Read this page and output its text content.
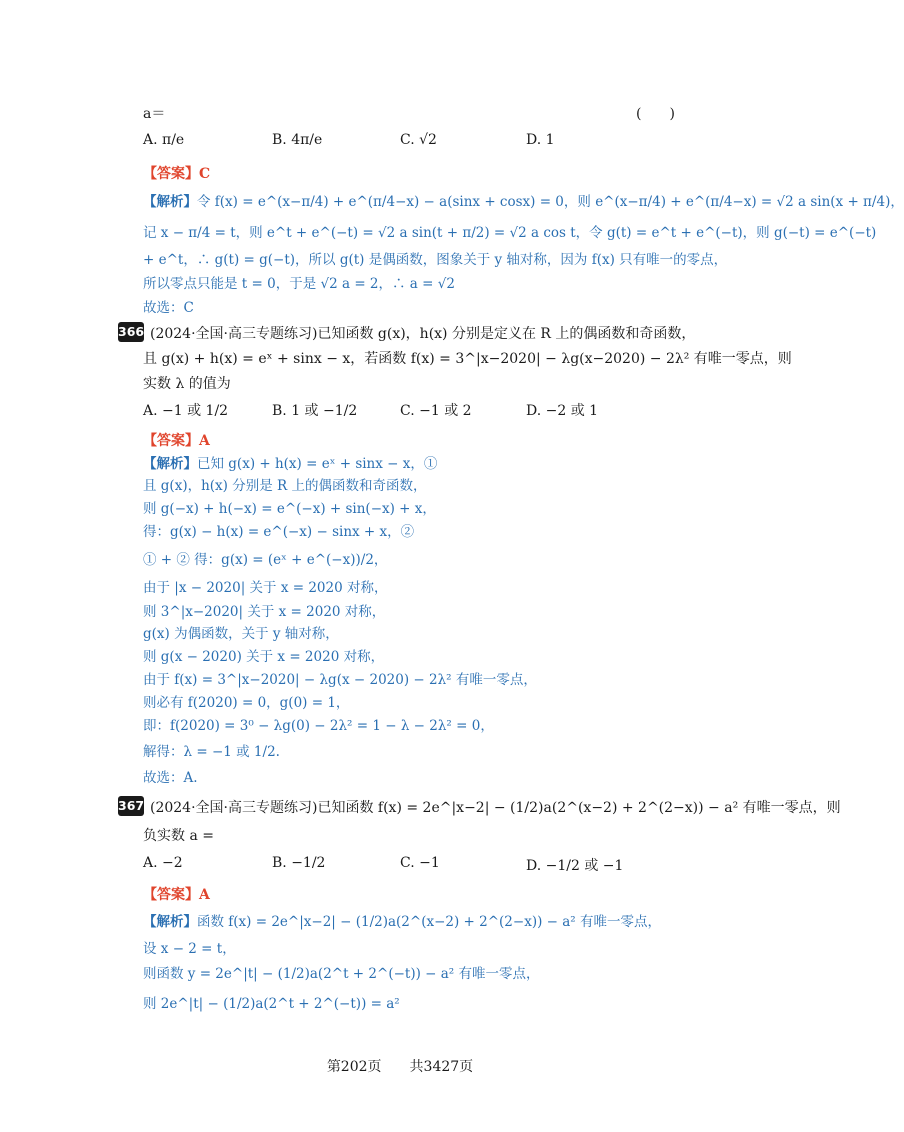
a＝	(　　)
A. π/e	B. 4π/e	C. √2	D. 1
【答案】C
【解析】令 f(x) = e^(x−π/4) + e^(π/4−x) − a(sinx + cosx) = 0，则 e^(x−π/4) + e^(π/4−x) = √2 a sin(x + π/4)，
记 x − π/4 = t，则 e^t + e^(−t) = √2 a sin(t + π/2) = √2 a cos t，令 g(t) = e^t + e^(−t)，则 g(−t) = e^(−t)
+ e^t，∴ g(t) = g(−t)，所以 g(t) 是偶函数，图象关于 y 轴对称，因为 f(x) 只有唯一的零点，
所以零点只能是 t = 0，于是 √2 a = 2，∴ a = √2
故选：C
366 (2024·全国·高三专题练习)已知函数 g(x)，h(x) 分别是定义在 R 上的偶函数和奇函数，
且 g(x) + h(x) = eˣ + sinx − x，若函数 f(x) = 3^|x−2020| − λg(x−2020) − 2λ² 有唯一零点，则
实数 λ 的值为
A. −1 或 1/2	B. 1 或 −1/2	C. −1 或 2	D. −2 或 1
【答案】A
【解析】已知 g(x) + h(x) = eˣ + sinx − x，①
且 g(x)，h(x) 分别是 R 上的偶函数和奇函数，
则 g(−x) + h(−x) = e^(−x) + sin(−x) + x，
得：g(x) − h(x) = e^(−x) − sinx + x，②
① + ② 得：g(x) = (eˣ + e^(−x))/2，
由于 |x − 2020| 关于 x = 2020 对称，
则 3^|x−2020| 关于 x = 2020 对称，
g(x) 为偶函数，关于 y 轴对称，
则 g(x − 2020) 关于 x = 2020 对称，
由于 f(x) = 3^|x−2020| − λg(x − 2020) − 2λ² 有唯一零点，
则必有 f(2020) = 0，g(0) = 1，
即：f(2020) = 3⁰ − λg(0) − 2λ² = 1 − λ − 2λ² = 0，
解得：λ = −1 或 1/2.
故选：A.
367 (2024·全国·高三专题练习)已知函数 f(x) = 2e^|x−2| − (1/2)a(2^(x−2) + 2^(2−x)) − a² 有唯一零点，则
负实数 a =
A. −2	B. −1/2	C. −1	D. −1/2 或 −1
【答案】A
【解析】函数 f(x) = 2e^|x−2| − (1/2)a(2^(x−2) + 2^(2−x)) − a² 有唯一零点，
设 x − 2 = t，
则函数 y = 2e^|t| − (1/2)a(2^t + 2^(−t)) − a² 有唯一零点，
则 2e^|t| − (1/2)a(2^t + 2^(−t)) = a²
第202页　　共3427页
